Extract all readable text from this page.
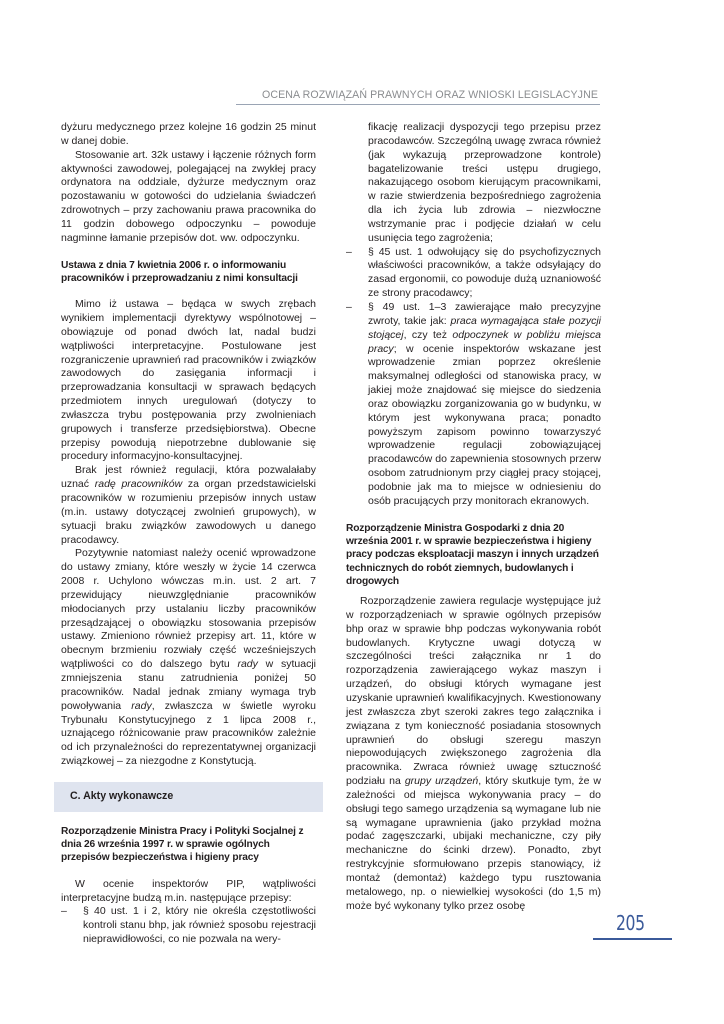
OCENA ROZWIĄZAŃ PRAWNYCH ORAZ WNIOSKI LEGISLACYJNE

dyżuru medycznego przez kolejne 16 godzin 25 minut w danej dobie.

Stosowanie art. 32k ustawy i łączenie różnych form aktywności zawodowej, polegającej na zwykłej pracy ordynatora na oddziale, dyżurze medycznym oraz pozostawaniu w gotowości do udzielania świadczeń zdrowotnych – przy zachowaniu prawa pracownika do 11 godzin dobowego odpoczynku – powoduje nagminne łamanie przepisów dot. ww. odpoczynku.

Ustawa z dnia 7 kwietnia 2006 r. o informowaniu pracowników i przeprowadzaniu z nimi konsultacji

Mimo iż ustawa – będąca w swych zrębach wynikiem implementacji dyrektywy wspólnotowej – obowiązuje od ponad dwóch lat, nadal budzi wątpliwości interpretacyjne. Postulowane jest rozgraniczenie uprawnień rad pracowników i związków zawodowych do zasięgania informacji i przeprowadzania konsultacji w sprawach będących przedmiotem innych uregulowań (dotyczy to zwłaszcza trybu postępowania przy zwolnieniach grupowych i transferze przedsiębiorstwa). Obecne przepisy powodują niepotrzebne dublowanie się procedury informacyjno-konsultacyjnej.

Brak jest również regulacji, która pozwalałaby uznać radę pracowników za organ przedstawicielski pracowników w rozumieniu przepisów innych ustaw (m.in. ustawy dotyczącej zwolnień grupowych), w sytuacji braku związków zawodowych u danego pracodawcy.

Pozytywnie natomiast należy ocenić wprowadzone do ustawy zmiany, które weszły w życie 14 czerwca 2008 r. Uchylono wówczas m.in. ust. 2 art. 7 przewidujący nieuwzględnianie pracowników młodocianych przy ustalaniu liczby pracowników przesądzającej o obowiązku stosowania przepisów ustawy. Zmieniono również przepisy art. 11, które w obecnym brzmieniu rozwiały część wcześniejszych wątpliwości co do dalszego bytu rady w sytuacji zmniejszenia stanu zatrudnienia poniżej 50 pracowników. Nadal jednak zmiany wymaga tryb powoływania rady, zwłaszcza w świetle wyroku Trybunału Konstytucyjnego z 1 lipca 2008 r., uznającego różnicowanie praw pracowników zależnie od ich przynależności do reprezentatywnej organizacji związkowej – za niezgodne z Konstytucją.

C. Akty wykonawcze
Rozporządzenie Ministra Pracy i Polityki Socjalnej z dnia 26 września 1997 r. w sprawie ogólnych przepisów bezpieczeństwa i higieny pracy

W ocenie inspektorów PIP, wątpliwości interpretacyjne budzą m.in. następujące przepisy:

– § 40 ust. 1 i 2, który nie określa częstotliwości kontroli stanu bhp, jak również sposobu rejestracji nieprawidłowości, co nie pozwala na wery-
fikację realizacji dyspozycji tego przepisu przez pracodawców. Szczególną uwagę zwraca również (jak wykazują przeprowadzone kontrole) bagatelizowanie treści ustępu drugiego, nakazującego osobom kierującym pracownikami, w razie stwierdzenia bezpośredniego zagrożenia dla ich życia lub zdrowia – niezwłoczne wstrzymanie prac i podjęcie działań w celu usunięcia tego zagrożenia;
– § 45 ust. 1 odwołujący się do psychofizycznych właściwości pracowników, a także odsyłający do zasad ergonomii, co powoduje dużą uznaniowość ze strony pracodawcy;
– § 49 ust. 1–3 zawierające mało precyzyjne zwroty, takie jak: praca wymagająca stałe pozycji stojącej, czy też odpoczynek w pobliżu miejsca pracy; w ocenie inspektorów wskazane jest wprowadzenie zmian poprzez określenie maksymalnej odległości od stanowiska pracy, w jakiej może znajdować się miejsce do siedzenia oraz obowiązku zorganizowania go w budynku, w którym jest wykonywana praca; ponadto powyższym zapisom powinno towarzyszyć wprowadzenie regulacji zobowiązującej pracodawców do zapewnienia stosownych przerw osobom zatrudnionym przy ciągłej pracy stojącej, podobnie jak ma to miejsce w odniesieniu do osób pracujących przy monitorach ekranowych.
Rozporządzenie Ministra Gospodarki z dnia 20 września 2001 r. w sprawie bezpieczeństwa i higieny pracy podczas eksploatacji maszyn i innych urządzeń technicznych do robót ziemnych, budowlanych i drogowych

Rozporządzenie zawiera regulacje występujące już w rozporządzeniach w sprawie ogólnych przepisów bhp oraz w sprawie bhp podczas wykonywania robót budowlanych. Krytyczne uwagi dotyczą w szczególności treści załącznika nr 1 do rozporządzenia zawierającego wykaz maszyn i urządzeń, do obsługi których wymagane jest uzyskanie uprawnień kwalifikacyjnych. Kwestionowany jest zwłaszcza zbyt szeroki zakres tego załącznika i związana z tym konieczność posiadania stosownych uprawnień do obsługi szeregu maszyn niepowodujących zwiększonego zagrożenia dla pracownika. Zwraca również uwagę sztuczność podziału na grupy urządzeń, który skutkuje tym, że w zależności od miejsca wykonywania pracy – do obsługi tego samego urządzenia są wymagane lub nie są wymagane uprawnienia (jako przykład można podać zagęszczarki, ubijaki mechaniczne, czy piły mechaniczne do ścinki drzew). Ponadto, zbyt restrykcyjnie sformułowano przepis stanowiący, iż montaż (demontaż) każdego typu rusztowania metalowego, np. o niewielkiej wysokości (do 1,5 m) może być wykonany tylko przez osobę

205
